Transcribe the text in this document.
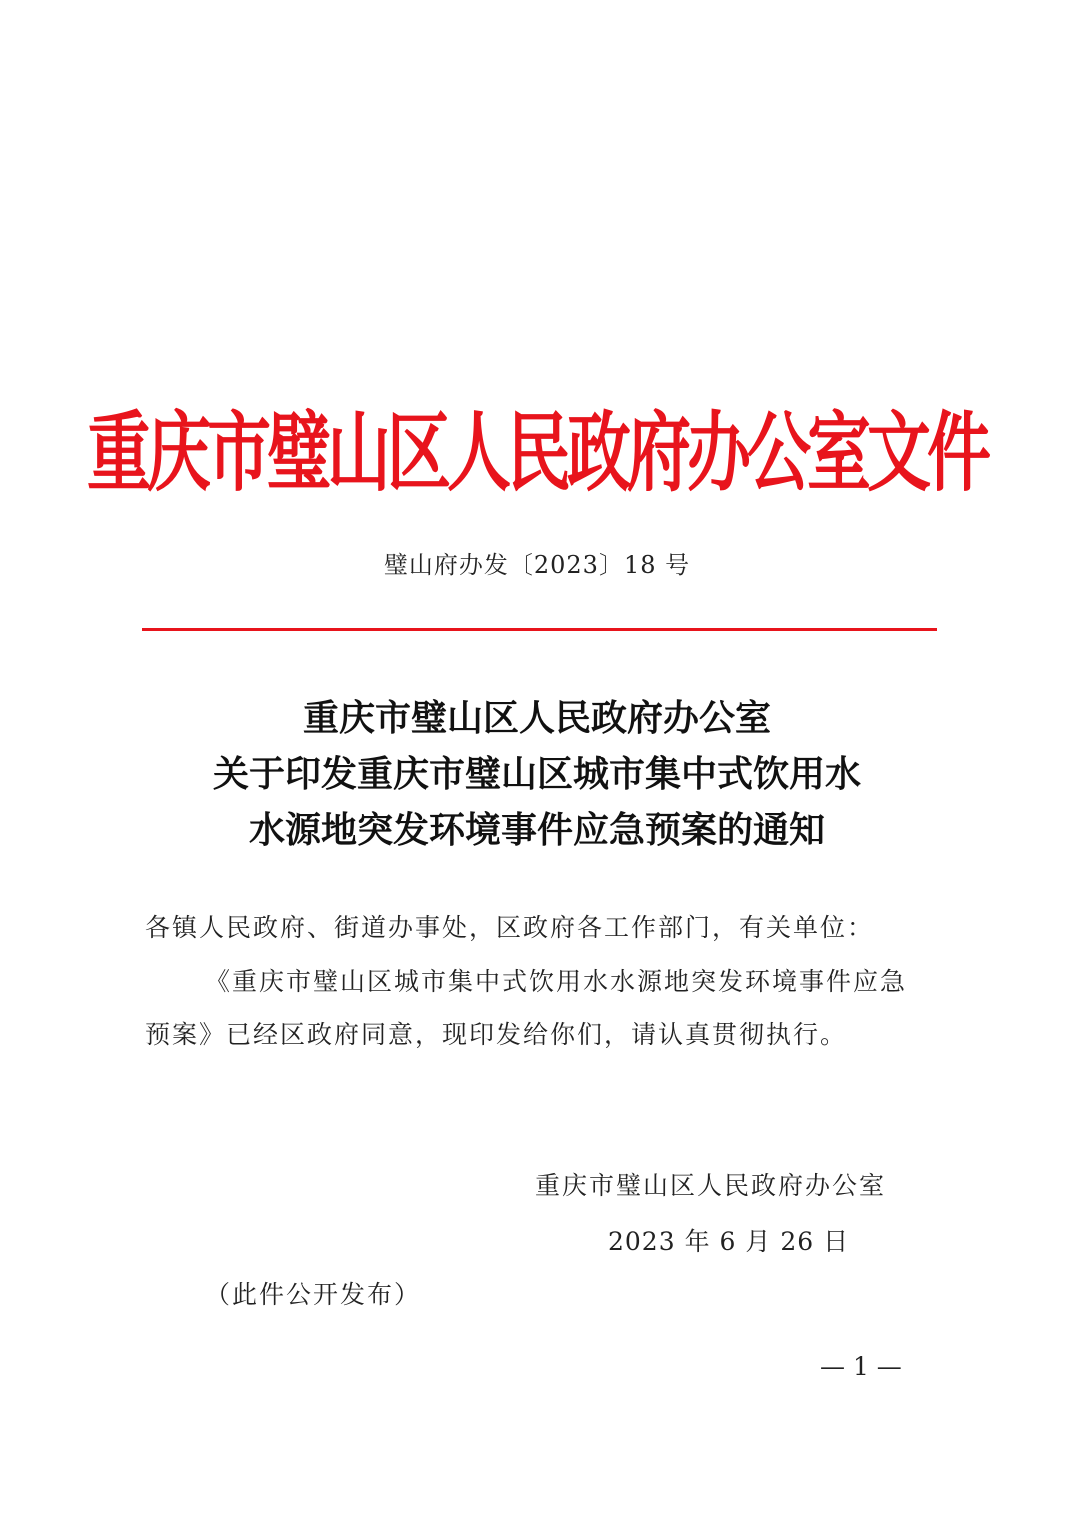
重庆市璧山区人民政府办公室文件
璧山府办发〔2023〕18 号
重庆市璧山区人民政府办公室
关于印发重庆市璧山区城市集中式饮用水
水源地突发环境事件应急预案的通知
各镇人民政府、街道办事处，区政府各工作部门，有关单位：
《重庆市璧山区城市集中式饮用水水源地突发环境事件应急
预案》已经区政府同意，现印发给你们，请认真贯彻执行。
重庆市璧山区人民政府办公室
2023 年 6 月 26 日
（此件公开发布）
— 1 —
